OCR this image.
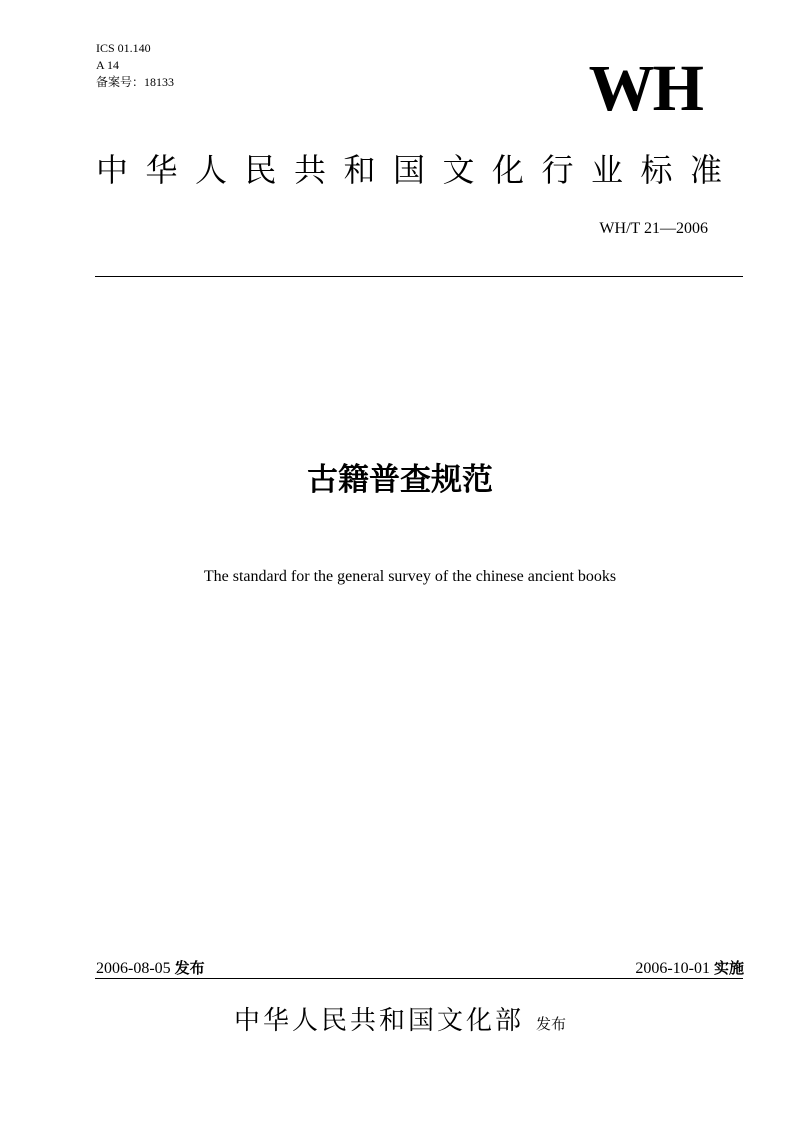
ICS 01.140
A 14
备案号：18133	WH
中华人民共和国文化行业标准
WH/T 21—2006
古籍普查规范
The standard for the general survey of the chinese ancient books
2006-08-05 发布	2006-10-01 实施
中华人民共和国文化部 发布
